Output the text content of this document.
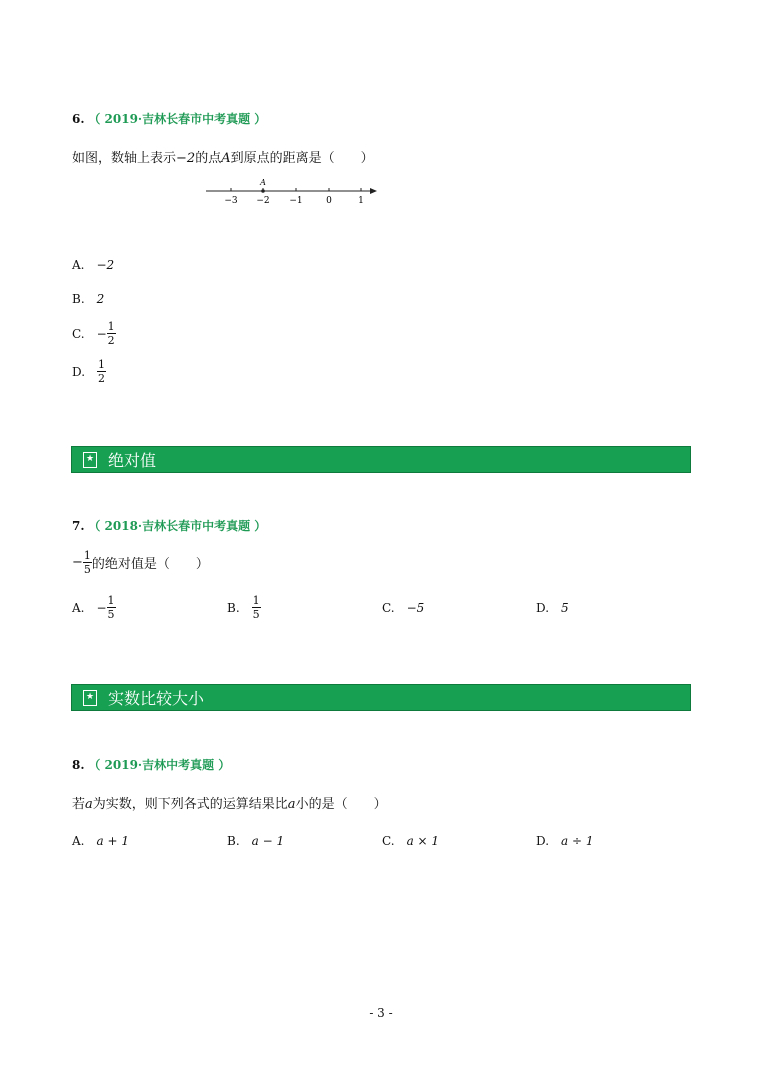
6. （ 2019·吉林长春市中考真题 ）
如图，数轴上表示−2的点A到原点的距离是（　　）
A
−3 −2 −1	0	1
A. −2
B. 2
C. − $\frac{1}{2}$
D. $\frac{1}{2}$
★ 绝对值
7. （ 2018·吉林长春市中考真题 ）
− $\frac{1}{5}$ 的绝对值是（　　）
A. − $\frac{1}{5}$	B. $\frac{1}{5}$	C. −5	D. 5
★ 实数比较大小
8. （ 2019·吉林中考真题 ）
若a为实数，则下列各式的运算结果比a小的是（　　）
A. a + 1	B. a − 1	C. a × 1	D. a ÷ 1
- 3 -
